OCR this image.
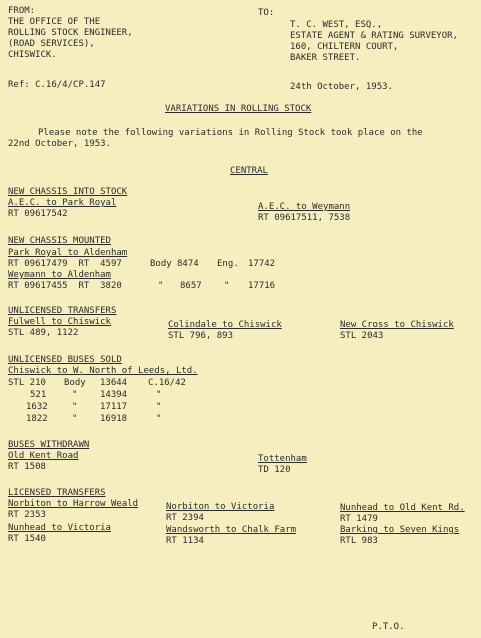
FROM:
THE OFFICE OF THE
ROLLING STOCK ENGINEER,
(ROAD SERVICES),
CHISWICK.
TO:
T. C. WEST, ESQ.,
ESTATE AGENT & RATING SURVEYOR,
160, CHILTERN COURT,
BAKER STREET.
Ref: C.16/4/CP.147	24th October, 1953.
VARIATIONS IN ROLLING STOCK
Please note the following variations in Rolling Stock took place on the
22nd October, 1953.
CENTRAL
NEW CHASSIS INTO STOCK
A.E.C. to Park Royal
RT 09617542
A.E.C. to Weymann
RT 09617511, 7538
NEW CHASSIS MOUNTED
Park Royal to Aldenham
RT 09617479  RT  4597	Body 8474 Eng. 17742
Weymann to Aldenham
RT 09617455  RT  3820	" 8657 " 17716
UNLICENSED TRANSFERS
Fulwell to Chiswick
STL 489, 1122
Colindale to Chiswick
STL 796, 893
New Cross to Chiswick
STL 2043
UNLICENSED BUSES SOLD
Chiswick to W. North of Leeds, Ltd.
STL 210 Body 13644 C.16/42
521	"	14394	"
1632	"	17117	"
1822	"	16918	"
BUSES WITHDRAWN
Old Kent Road
RT 1508
Tottenham
TD 120
LICENSED TRANSFERS
Norbiton to Harrow Weald
RT 2353
Norbiton to Victoria
RT 2394
Nunhead to Old Kent Rd.
RT 1479
Nunhead to Victoria
RT 1540
Wandsworth to Chalk Farm
RT 1134
Barking to Seven Kings
RTL 983
P.T.O.
